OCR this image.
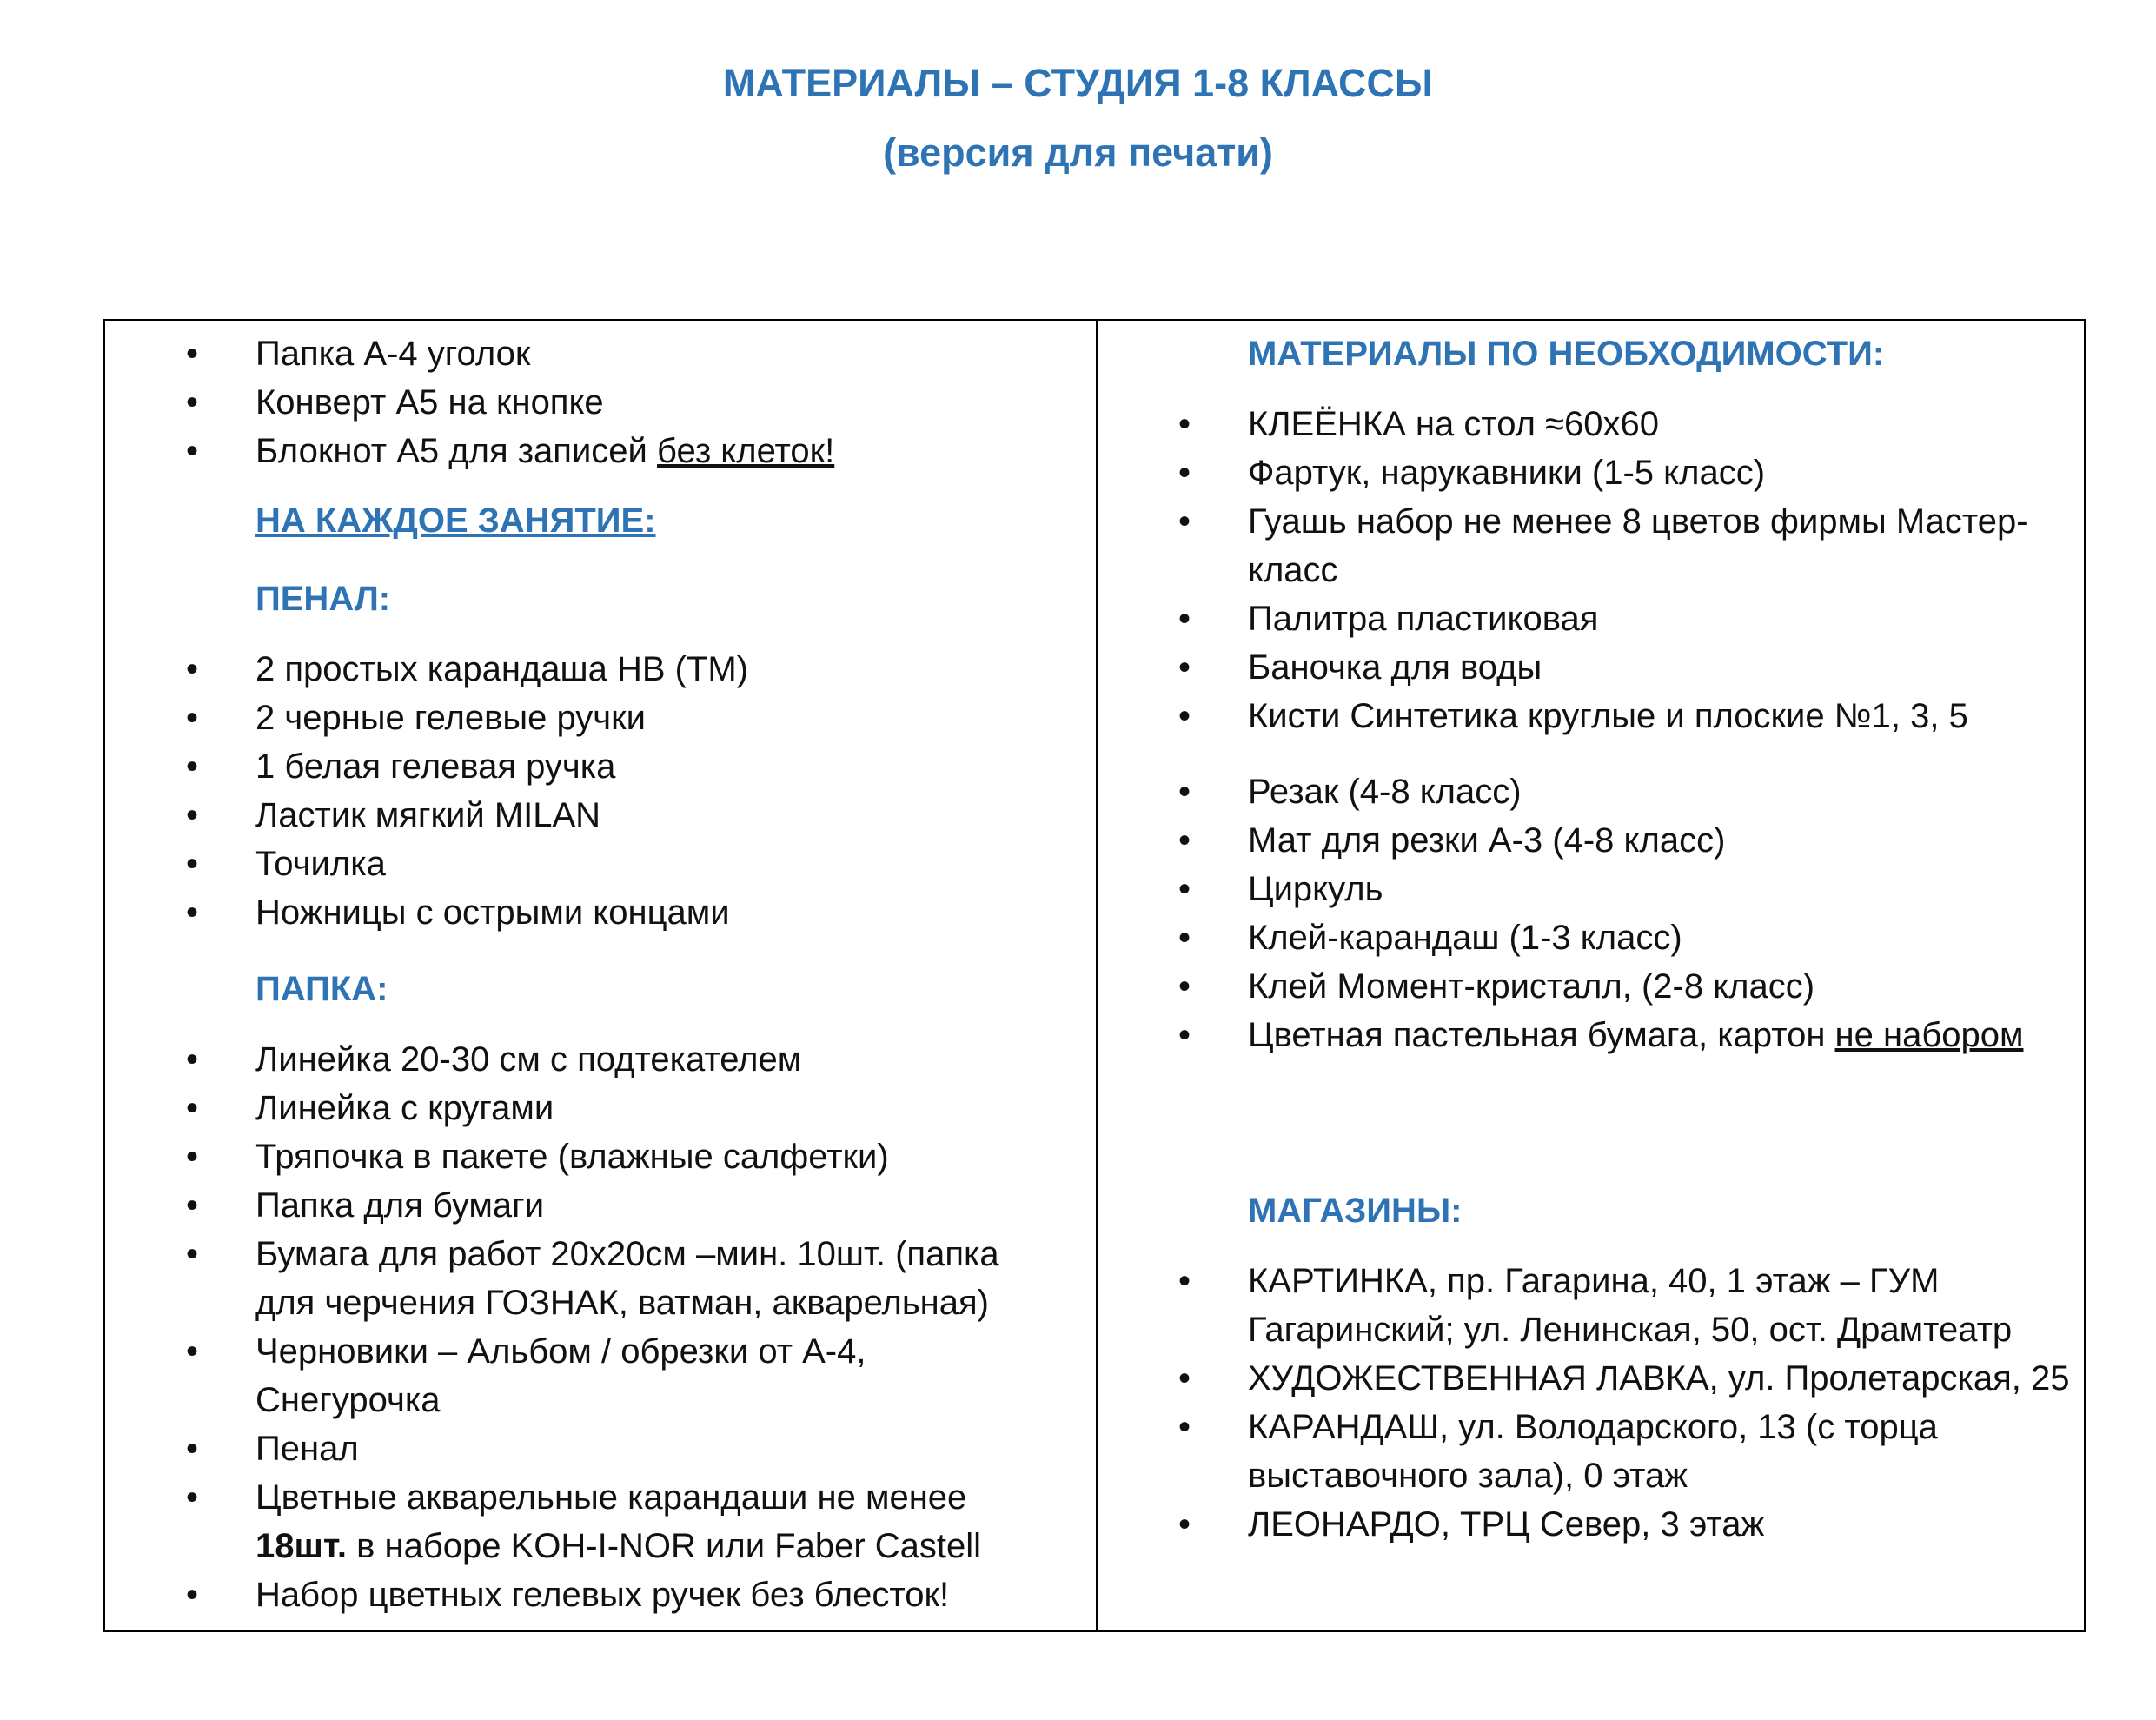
МАТЕРИАЛЫ – СТУДИЯ 1-8 КЛАССЫ
(версия для печати)
• Папка А-4 уголок
• Конверт А5 на кнопке
• Блокнот А5 для записей без клеток!
НА КАЖДОЕ ЗАНЯТИЕ:
ПЕНАЛ:
• 2 простых карандаша НВ (ТМ)
• 2 черные гелевые ручки
• 1 белая гелевая ручка
• Ластик мягкий MILAN
• Точилка
• Ножницы с острыми концами
ПАПКА:
• Линейка 20-30 см с подтекателем
• Линейка с кругами
• Тряпочка в пакете (влажные салфетки)
• Папка для бумаги
• Бумага для работ 20х20см –мин. 10шт. (папка для черчения ГОЗНАК, ватман, акварельная)
• Черновики – Альбом / обрезки от А-4, Снегурочка
• Пенал
• Цветные акварельные карандаши не менее 18шт. в наборе KOH-I-NOR или Faber Castell
• Набор цветных гелевых ручек без блесток!
МАТЕРИАЛЫ ПО НЕОБХОДИМОСТИ:
• КЛЕЁНКА на стол ≈60х60
• Фартук, нарукавники (1-5 класс)
• Гуашь набор не менее 8 цветов фирмы Мастер-класс
• Палитра пластиковая
• Баночка для воды
• Кисти Синтетика круглые и плоские №1, 3, 5
• Резак (4-8 класс)
• Мат для резки А-3 (4-8 класс)
• Циркуль
• Клей-карандаш (1-3 класс)
• Клей Момент-кристалл, (2-8 класс)
• Цветная пастельная бумага, картон не набором
МАГАЗИНЫ:
• КАРТИНКА, пр. Гагарина, 40, 1 этаж – ГУМ Гагаринский; ул. Ленинская, 50, ост. Драмтеатр
• ХУДОЖЕСТВЕННАЯ ЛАВКА, ул. Пролетарская, 25
• КАРАНДАШ, ул. Володарского, 13 (с торца выставочного зала), 0 этаж
• ЛЕОНАРДО, ТРЦ Север, 3 этаж
